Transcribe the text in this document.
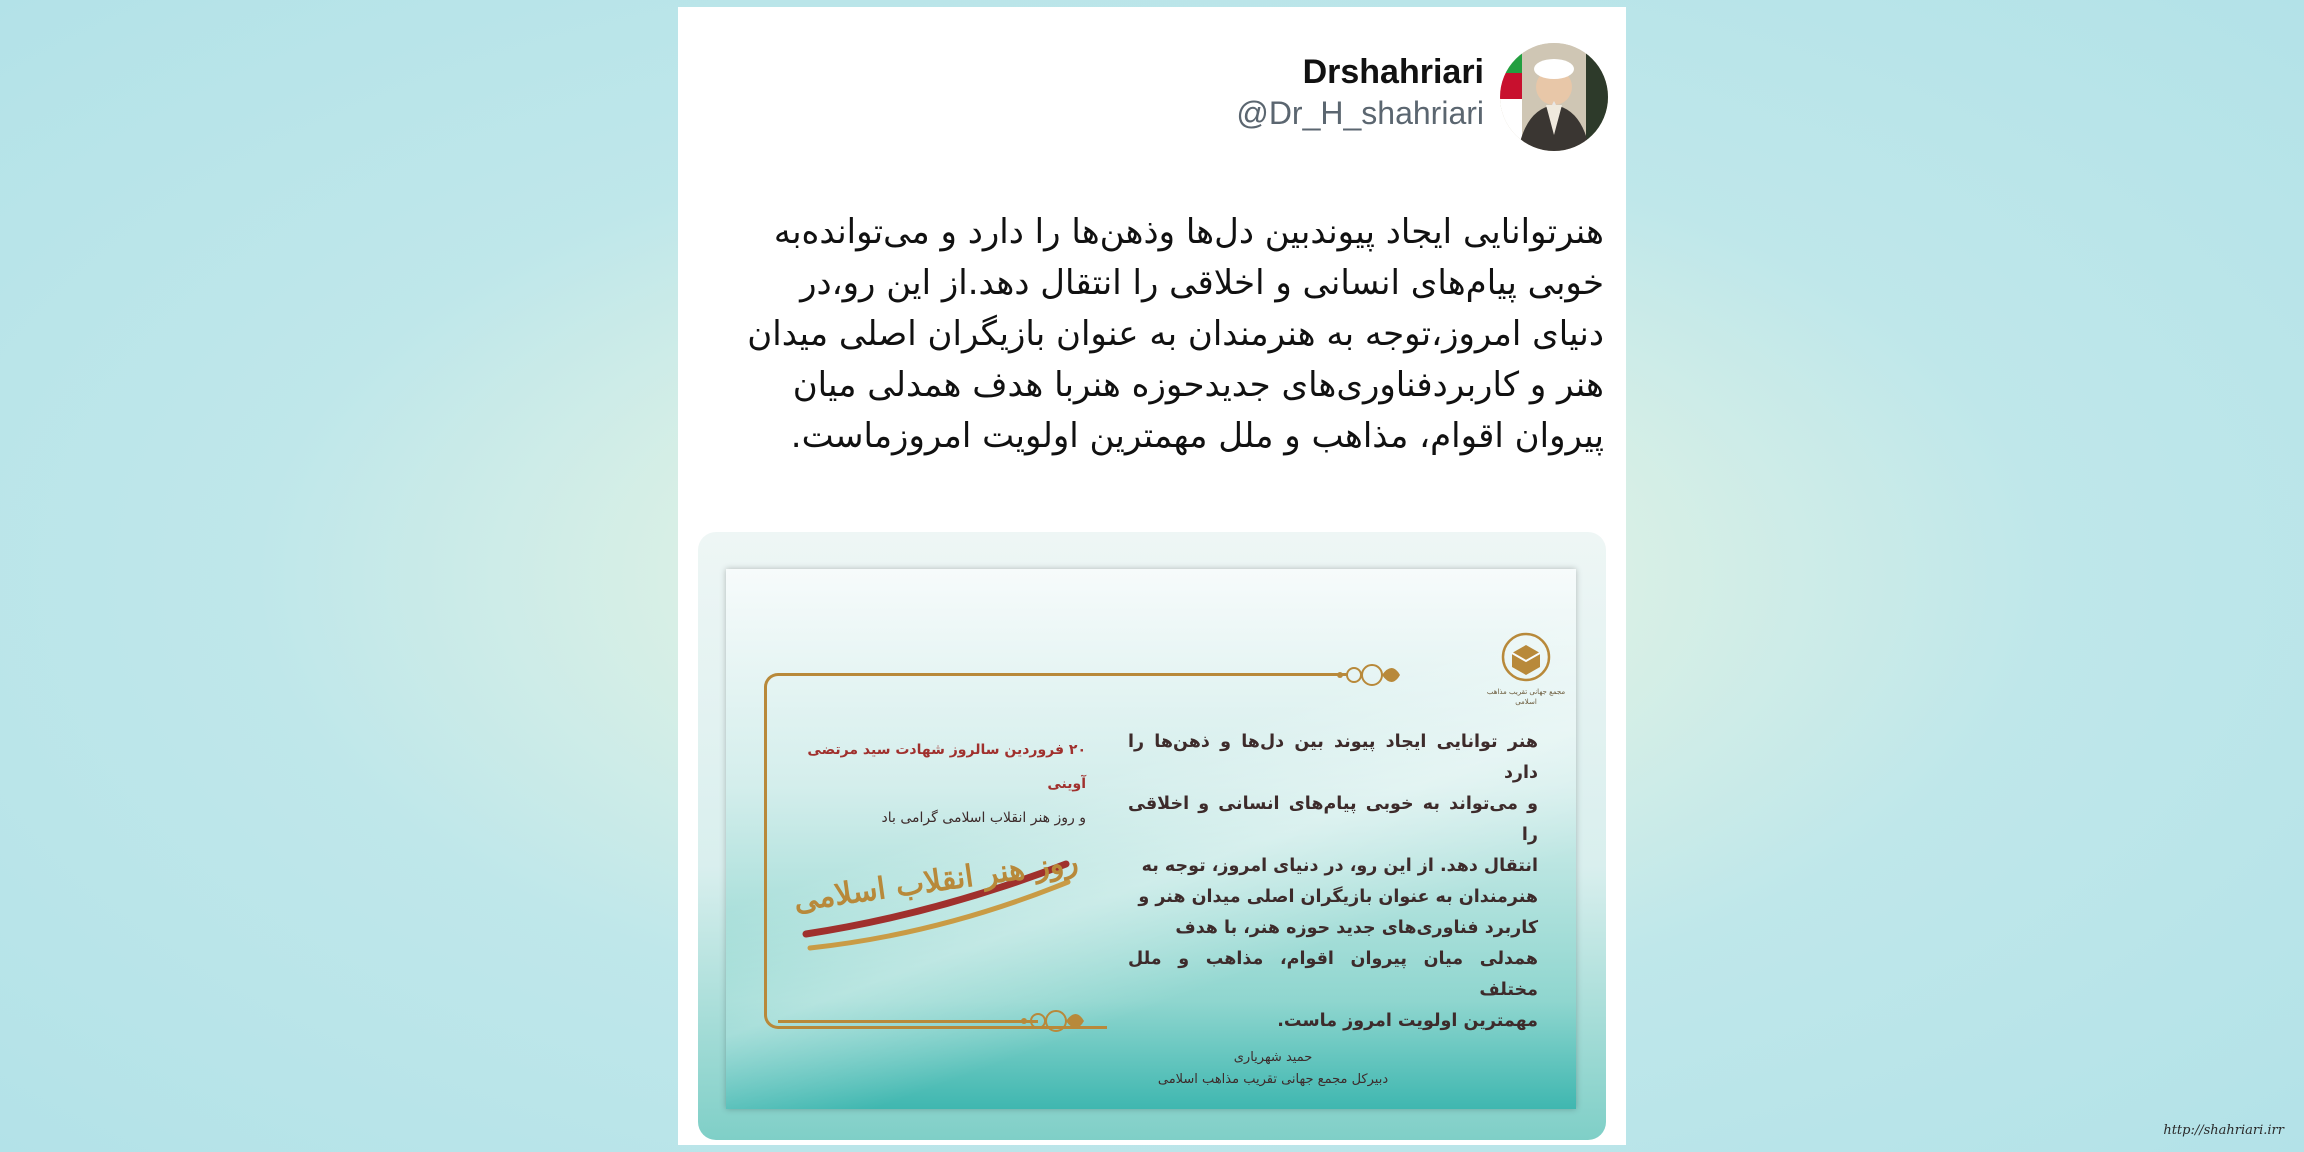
Drshahriari
@Dr_H_shahriari

هنرتوانایی ایجاد پیوندبین دل‌ها وذهن‌ها را دارد و می‌توانده‌به

خوبی پیام‌های انسانی و اخلاقی را انتقال دهد.از این رو،در

دنیای امروز،توجه به هنرمندان به عنوان بازیگران اصلی میدان

هنر و کاربردفناوری‌های جدیدحوزه هنربا هدف همدلی میان

پیروان اقوام، مذاهب و ملل مهمترین اولویت امروزماست.

مجمع جهانی تقریب مذاهب اسلامی

هنر توانایی ایجاد پیوند بین دل‌ها و ذهن‌ها را دارد

و می‌تواند به خوبی پیام‌های انسانی و اخلاقی را

انتقال دهد. از این رو، در دنیای امروز، توجه به

هنرمندان به عنوان بازیگران اصلی میدان هنر و

کاربرد فناوری‌های جدید حوزه هنر، با هدف

همدلی میان پیروان اقوام، مذاهب و ملل مختلف

مهمترین اولویت امروز ماست.

حمید شهریاری
دبیرکل مجمع جهانی تقریب مذاهب اسلامی
۲۰ فروردین سالروز شهادت سید مرتضی آوینی
و روز هنر انقلاب اسلامی گرامی باد
روز هنر انقلاب اسلامی
http://shahriari.irr
